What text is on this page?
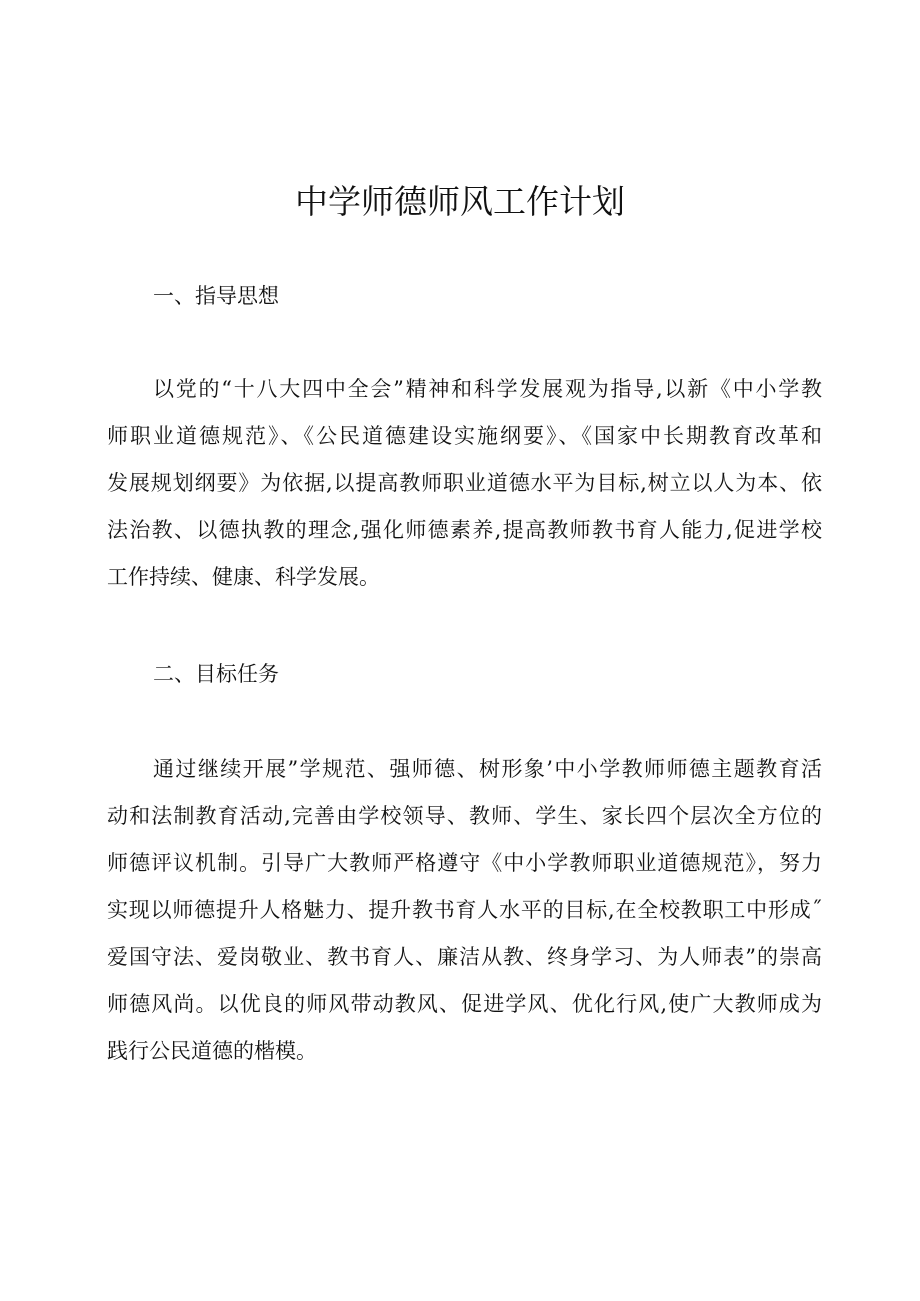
中学师德师风工作计划
一、指导思想
以党的“十八大四中全会”精神和科学发展观为指导,以新《中小学教
师职业道德规范》、《公民道德建设实施纲要》、《国家中长期教育改革和
发展规划纲要》为依据,以提高教师职业道德水平为目标,树立以人为本、依
法治教、以德执教的理念,强化师德素养,提高教师教书育人能力,促进学校
工作持续、健康、科学发展。
二、目标任务
通过继续开展”学规范、强师德、树形象’中小学教师师德主题教育活
动和法制教育活动,完善由学校领导、教师、学生、家长四个层次全方位的
师德评议机制。引导广大教师严格遵守《中小学教师职业道德规范》，努力
实现以师德提升人格魅力、提升教书育人水平的目标,在全校教职工中形成˝
爱国守法、爱岗敬业、教书育人、廉洁从教、终身学习、为人师表”的崇高
师德风尚。以优良的师风带动教风、促进学风、优化行风,使广大教师成为
践行公民道德的楷模。
